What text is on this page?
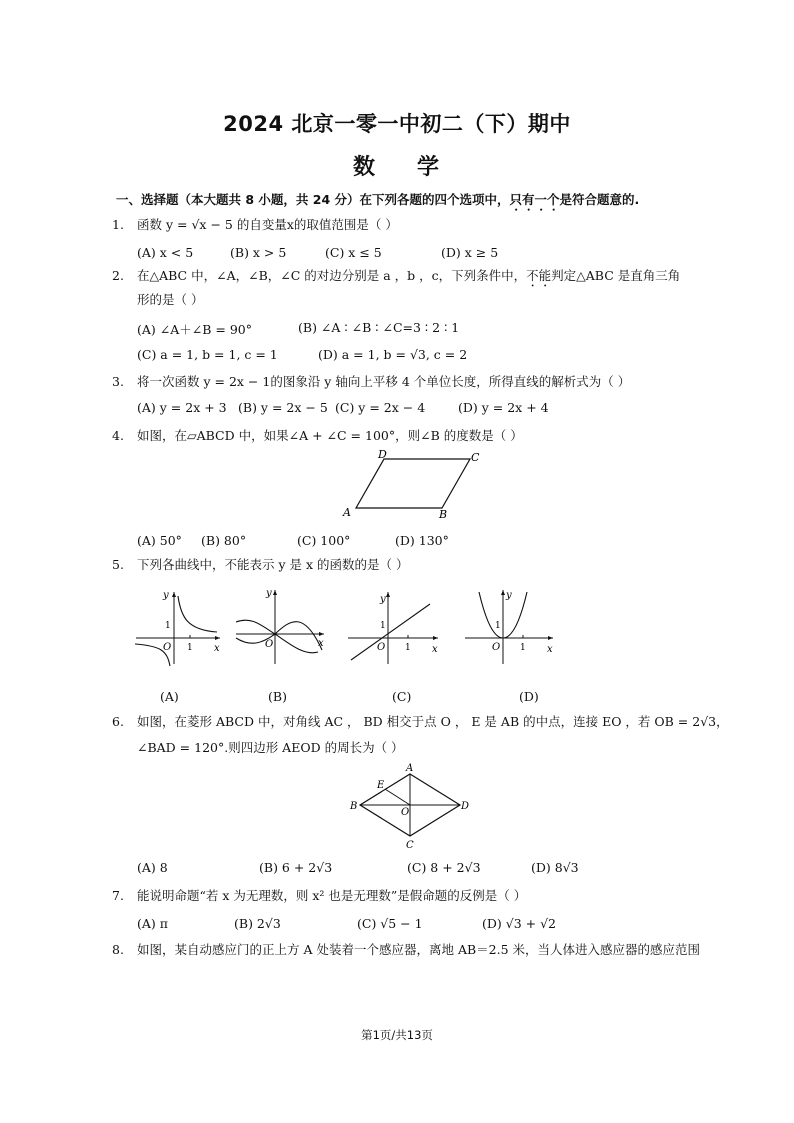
2024 北京一零一中初二（下）期中
数 学
一、选择题（本大题共 8 小题，共 24 分）在下列各题的四个选项中，只有一个是符合题意的.
1. 函数 y = √x − 5 的自变量x的取值范围是（ ）
(A) x < 5	(B) x > 5	(C) x ≤ 5	(D) x ≥ 5
2. 在△ABC 中，∠A，∠B，∠C 的对边分别是 a ，b ，c，下列条件中，不能判定△ABC 是直角三角
形的是（ ）
(A) ∠A＋∠B = 90°	(B) ∠A ∶ ∠B ∶ ∠C=3 ∶ 2 ∶ 1
(C) a = 1, b = 1, c = 1	(D) a = 1, b = √3, c = 2
3. 将一次函数 y = 2x − 1的图象沿 y 轴向上平移 4 个单位长度，所得直线的解析式为（ ）
(A) y = 2x + 3 (B) y = 2x − 5 (C) y = 2x − 4	(D) y = 2x + 4
4. 如图，在▱ABCD 中，如果∠A + ∠C = 100°，则∠B 的度数是（ ）
D	C
A	B
(A) 50° (B) 80°	(C) 100°	(D) 130°
5. 下列各曲线中，不能表示 y 是 x 的函数的是（ ）
y
x
O
1
1
y
x
O
y
x
O
1
1
y
x
O
1
1
(A)	(B)	(C)	(D)
6. 如图，在菱形 ABCD 中，对角线 AC ， BD 相交于点 O ， E 是 AB 的中点，连接 EO ，若 OB = 2√3，
∠BAD = 120°.则四边形 AEOD 的周长为（ ）
A
E
B
O
D
C
(A) 8	(B) 6 + 2√3	(C) 8 + 2√3	(D) 8√3
7. 能说明命题“若 x 为无理数，则 x² 也是无理数”是假命题的反例是（ ）
(A) π	(B) 2√3	(C) √5 − 1	(D) √3 + √2
8. 如图，某自动感应门的正上方 A 处装着一个感应器，离地 AB＝2.5 米，当人体进入感应器的感应范围
第1页/共13页
